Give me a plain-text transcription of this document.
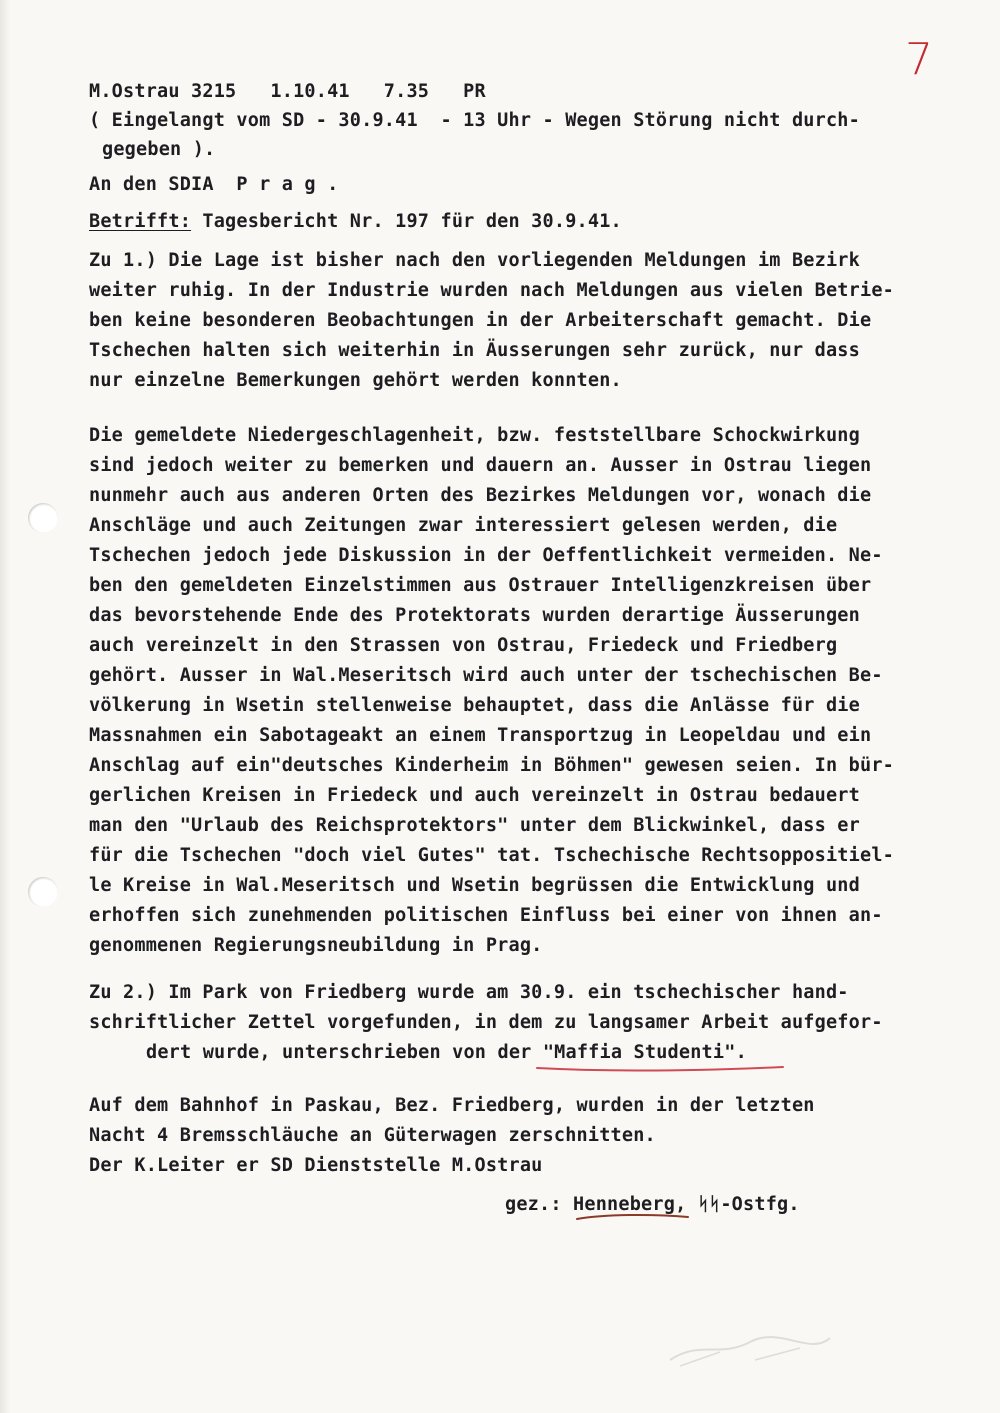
7
M.Ostrau 3215   1.10.41   7.35   PR
( Eingelangt vom SD - 30.9.41  - 13 Uhr - Wegen Störung nicht durch-
gegeben ).
An den SDIA  P r a g .
Betrifft: Tagesbericht Nr. 197 für den 30.9.41.
Zu 1.) Die Lage ist bisher nach den vorliegenden Meldungen im Bezirk
weiter ruhig. In der Industrie wurden nach Meldungen aus vielen Betrie-
ben keine besonderen Beobachtungen in der Arbeiterschaft gemacht. Die
Tschechen halten sich weiterhin in Äusserungen sehr zurück, nur dass
nur einzelne Bemerkungen gehört werden konnten.
Die gemeldete Niedergeschlagenheit, bzw. feststellbare Schockwirkung
sind jedoch weiter zu bemerken und dauern an. Ausser in Ostrau liegen
nunmehr auch aus anderen Orten des Bezirkes Meldungen vor, wonach die
Anschläge und auch Zeitungen zwar interessiert gelesen werden, die
Tschechen jedoch jede Diskussion in der Oeffentlichkeit vermeiden. Ne-
ben den gemeldeten Einzelstimmen aus Ostrauer Intelligenzkreisen über
das bevorstehende Ende des Protektorats wurden derartige Äusserungen
auch vereinzelt in den Strassen von Ostrau, Friedeck und Friedberg
gehört. Ausser in Wal.Meseritsch wird auch unter der tschechischen Be-
völkerung in Wsetin stellenweise behauptet, dass die Anlässe für die
Massnahmen ein Sabotageakt an einem Transportzug in Leopeldau und ein
Anschlag auf ein"deutsches Kinderheim in Böhmen" gewesen seien. In bür-
gerlichen Kreisen in Friedeck und auch vereinzelt in Ostrau bedauert
man den "Urlaub des Reichsprotektors" unter dem Blickwinkel, dass er
für die Tschechen "doch viel Gutes" tat. Tschechische Rechtsoppositiel-
le Kreise in Wal.Meseritsch und Wsetin begrüssen die Entwicklung und
erhoffen sich zunehmenden politischen Einfluss bei einer von ihnen an-
genommenen Regierungsneubildung in Prag.
Zu 2.) Im Park von Friedberg wurde am 30.9. ein tschechischer hand-
schriftlicher Zettel vorgefunden, in dem zu langsamer Arbeit aufgefor-
dert wurde, unterschrieben von der "Maffia Studenti".
Auf dem Bahnhof in Paskau, Bez. Friedberg, wurden in der letzten
Nacht 4 Bremsschläuche an Güterwagen zerschnitten.
Der K.Leiter er SD Dienststelle M.Ostrau
gez.: Henneberg, ᛋᛋ-Ostfg.
